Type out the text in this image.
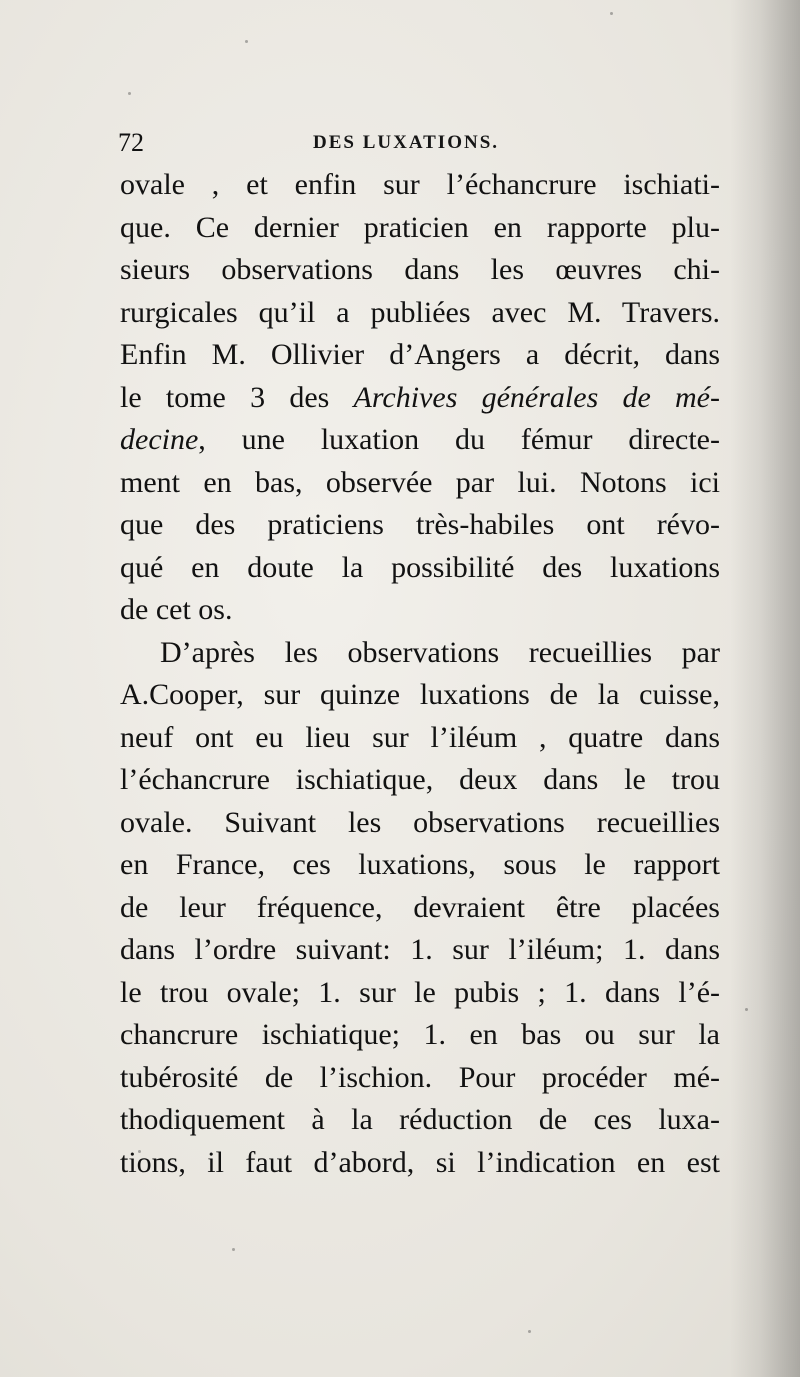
72	DES LUXATIONS.
ovale , et enfin sur l’échancrure ischiati-
que. Ce dernier praticien en rapporte plu-
sieurs observations dans les œuvres chi-
rurgicales qu’il a publiées avec M. Travers.
Enfin M. Ollivier d’Angers a décrit, dans
le tome 3 des Archives générales de mé-
decine, une luxation du fémur directe-
ment en bas, observée par lui. Notons ici
que des praticiens très-habiles ont révo-
qué en doute la possibilité des luxations
de cet os.
D’après les observations recueillies par
A.Cooper, sur quinze luxations de la cuisse,
neuf ont eu lieu sur l’iléum , quatre dans
l’échancrure ischiatique, deux dans le trou
ovale. Suivant les observations recueillies
en France, ces luxations, sous le rapport
de leur fréquence, devraient être placées
dans l’ordre suivant: 1. sur l’iléum; 1. dans
le trou ovale; 1. sur le pubis ; 1. dans l’é-
chancrure ischiatique; 1. en bas ou sur la
tubérosité de l’ischion. Pour procéder mé-
thodiquement à la réduction de ces luxa-
tions, il faut d’abord, si l’indication en est
